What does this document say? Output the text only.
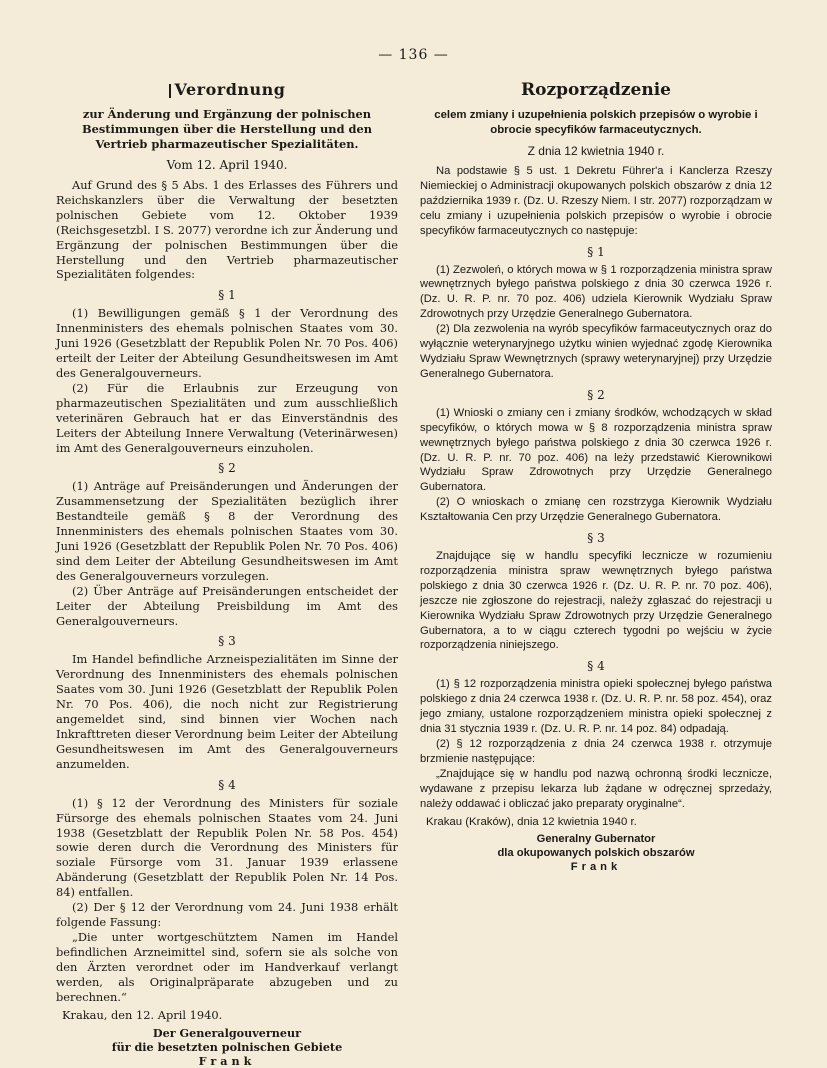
— 136 —
Verordnung
zur Änderung und Ergänzung der polnischen Bestimmungen über die Herstellung und den Vertrieb pharmazeutischer Spezialitäten.
Vom 12. April 1940.

Auf Grund des § 5 Abs. 1 des Erlasses des Führers und Reichskanzlers über die Verwaltung der besetzten polnischen Gebiete vom 12. Oktober 1939 (Reichsgesetzbl. I S. 2077) verordne ich zur Änderung und Ergänzung der polnischen Bestimmungen über die Herstellung und den Vertrieb pharmazeutischer Spezialitäten folgendes:

§ 1

(1) Bewilligungen gemäß § 1 der Verordnung des Innenministers des ehemals polnischen Staates vom 30. Juni 1926 (Gesetzblatt der Republik Polen Nr. 70 Pos. 406) erteilt der Leiter der Abteilung Gesundheitswesen im Amt des Generalgouverneurs.

(2) Für die Erlaubnis zur Erzeugung von pharmazeutischen Spezialitäten und zum ausschließlich veterinären Gebrauch hat er das Einverständnis des Leiters der Abteilung Innere Verwaltung (Veterinärwesen) im Amt des Generalgouverneurs einzuholen.

§ 2

(1) Anträge auf Preisänderungen und Änderungen der Zusammensetzung der Spezialitäten bezüglich ihrer Bestandteile gemäß § 8 der Verordnung des Innenministers des ehemals polnischen Staates vom 30. Juni 1926 (Gesetzblatt der Republik Polen Nr. 70 Pos. 406) sind dem Leiter der Abteilung Gesundheitswesen im Amt des Generalgouverneurs vorzulegen.

(2) Über Anträge auf Preisänderungen entscheidet der Leiter der Abteilung Preisbildung im Amt des Generalgouverneurs.

§ 3

Im Handel befindliche Arzneispezialitäten im Sinne der Verordnung des Innenministers des ehemals polnischen Saates vom 30. Juni 1926 (Gesetzblatt der Republik Polen Nr. 70 Pos. 406), die noch nicht zur Registrierung angemeldet sind, sind binnen vier Wochen nach Inkrafttreten dieser Verordnung beim Leiter der Abteilung Gesundheitswesen im Amt des Generalgouverneurs anzumelden.

§ 4

(1) § 12 der Verordnung des Ministers für soziale Fürsorge des ehemals polnischen Staates vom 24. Juni 1938 (Gesetzblatt der Republik Polen Nr. 58 Pos. 454) sowie deren durch die Verordnung des Ministers für soziale Fürsorge vom 31. Januar 1939 erlassene Abänderung (Gesetzblatt der Republik Polen Nr. 14 Pos. 84) entfallen.

(2) Der § 12 der Verordnung vom 24. Juni 1938 erhält folgende Fassung:

„Die unter wortgeschütztem Namen im Handel befindlichen Arzneimittel sind, sofern sie als solche von den Ärzten verordnet oder im Handverkauf verlangt werden, als Originalpräparate abzugeben und zu berechnen.“

Krakau, den 12. April 1940.
Der Generalgouverneur
für die besetzten polnischen Gebiete
Frank
Rozporządzenie
celem zmiany i uzupełnienia polskich przepisów o wyrobie i obrocie specyfików farmaceutycznych.
Z dnia 12 kwietnia 1940 r.

Na podstawie § 5 ust. 1 Dekretu Führer'a i Kanclerza Rzeszy Niemieckiej o Administracji okupowanych polskich obszarów z dnia 12 października 1939 r. (Dz. U. Rzeszy Niem. I str. 2077) rozporządzam w celu zmiany i uzupełnienia polskich przepisów o wyrobie i obrocie specyfików farmaceutycznych co następuje:

§ 1

(1) Zezwoleń, o których mowa w § 1 rozporządzenia ministra spraw wewnętrznych byłego państwa polskiego z dnia 30 czerwca 1926 r. (Dz. U. R. P. nr. 70 poz. 406) udziela Kierownik Wydziału Spraw Zdrowotnych przy Urzędzie Generalnego Gubernatora.

(2) Dla zezwolenia na wyrób specyfików farmaceutycznych oraz do wyłącznie weterynaryjnego użytku winien wyjednać zgodę Kierownika Wydziału Spraw Wewnętrznych (sprawy weterynaryjnej) przy Urzędzie Generalnego Gubernatora.

§ 2

(1) Wnioski o zmiany cen i zmiany środków, wchodzących w skład specyfików, o których mowa w § 8 rozporządzenia ministra spraw wewnętrznych byłego państwa polskiego z dnia 30 czerwca 1926 r. (Dz. U. R. P. nr. 70 poz. 406) na leży przedstawić Kierownikowi Wydziału Spraw Zdrowotnych przy Urzędzie Generalnego Gubernatora.

(2) O wnioskach o zmianę cen rozstrzyga Kierownik Wydziału Kształtowania Cen przy Urzędzie Generalnego Gubernatora.

§ 3

Znajdujące się w handlu specyfiki lecznicze w rozumieniu rozporządzenia ministra spraw wewnętrznych byłego państwa polskiego z dnia 30 czerwca 1926 r. (Dz. U. R. P. nr. 70 poz. 406), jeszcze nie zgłoszone do rejestracji, należy zgłaszać do rejestracji u Kierownika Wydziału Spraw Zdrowotnych przy Urzędzie Generalnego Gubernatora, a to w ciągu czterech tygodni po wejściu w życie rozporządzenia niniejszego.

§ 4

(1) § 12 rozporządzenia ministra opieki społecznej byłego państwa polskiego z dnia 24 czerwca 1938 r. (Dz. U. R. P. nr. 58 poz. 454), oraz jego zmiany, ustalone rozporządzeniem ministra opieki społecznej z dnia 31 stycznia 1939 r. (Dz. U. R. P. nr. 14 poz. 84) odpadają.

(2) § 12 rozporządzenia z dnia 24 czerwca 1938 r. otrzymuje brzmienie następujące:

„Znajdujące się w handlu pod nazwą ochronną środki lecznicze, wydawane z przepisu lekarza lub żądane w odręcznej sprzedaży, należy oddawać i obliczać jako preparaty oryginalne“.

Krakau (Kraków), dnia 12 kwietnia 1940 r.
Generalny Gubernator
dla okupowanych polskich obszarów
Frank
